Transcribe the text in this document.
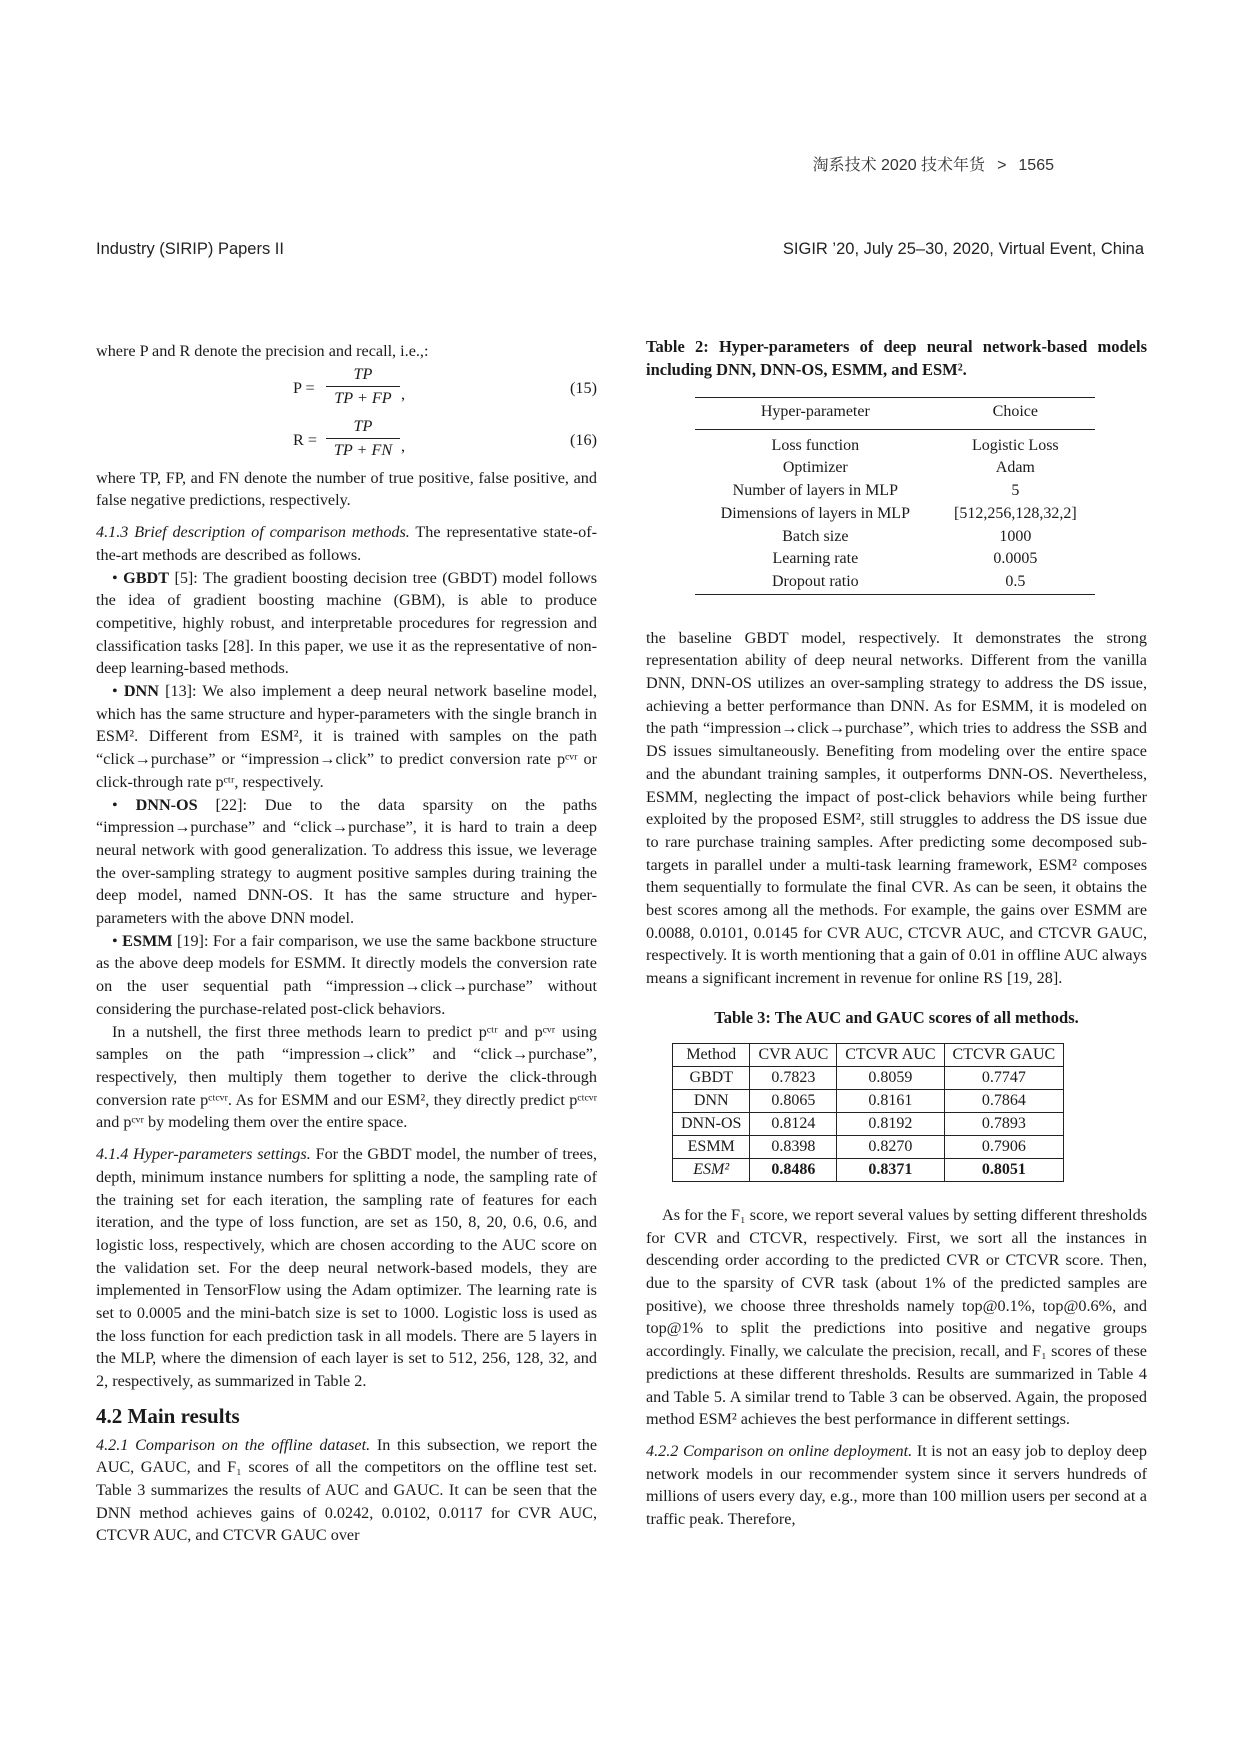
淘系技术 2020 技术年货 > 1565
Industry (SIRIP) Papers II	SIGIR ’20, July 25–30, 2020, Virtual Event, China

where P and R denote the precision and recall, i.e.,:

$P = \frac{TP}{TP + FP}$ ,	(15)
$R = \frac{TP}{TP + FN}$ ,	(16)

where TP, FP, and FN denote the number of true positive, false positive, and false negative predictions, respectively.

4.1.3 Brief description of comparison methods. The representative state-of-the-art methods are described as follows.

• GBDT [5]: The gradient boosting decision tree (GBDT) model follows the idea of gradient boosting machine (GBM), is able to produce competitive, highly robust, and interpretable procedures for regression and classification tasks [28]. In this paper, we use it as the representative of non-deep learning-based methods.

• DNN [13]: We also implement a deep neural network baseline model, which has the same structure and hyper-parameters with the single branch in ESM². Different from ESM², it is trained with samples on the path “click→purchase” or “impression→click” to predict conversion rate pᶜᵛʳ or click-through rate pᶜᵗʳ, respectively.

• DNN-OS [22]: Due to the data sparsity on the paths “impression→purchase” and “click→purchase”, it is hard to train a deep neural network with good generalization. To address this issue, we leverage the over-sampling strategy to augment positive samples during training the deep model, named DNN-OS. It has the same structure and hyper-parameters with the above DNN model.

• ESMM [19]: For a fair comparison, we use the same backbone structure as the above deep models for ESMM. It directly models the conversion rate on the user sequential path “impression→click→purchase” without considering the purchase-related post-click behaviors.

In a nutshell, the first three methods learn to predict pᶜᵗʳ and pᶜᵛʳ using samples on the path “impression→click” and “click→purchase”, respectively, then multiply them together to derive the click-through conversion rate pᶜᵗᶜᵛʳ. As for ESMM and our ESM², they directly predict pᶜᵗᶜᵛʳ and pᶜᵛʳ by modeling them over the entire space.

4.1.4 Hyper-parameters settings. For the GBDT model, the number of trees, depth, minimum instance numbers for splitting a node, the sampling rate of the training set for each iteration, the sampling rate of features for each iteration, and the type of loss function, are set as 150, 8, 20, 0.6, 0.6, and logistic loss, respectively, which are chosen according to the AUC score on the validation set. For the deep neural network-based models, they are implemented in TensorFlow using the Adam optimizer. The learning rate is set to 0.0005 and the mini-batch size is set to 1000. Logistic loss is used as the loss function for each prediction task in all models. There are 5 layers in the MLP, where the dimension of each layer is set to 512, 256, 128, 32, and 2, respectively, as summarized in Table 2.

4.2 Main results

4.2.1 Comparison on the offline dataset. In this subsection, we report the AUC, GAUC, and F₁ scores of all the competitors on the offline test set. Table 3 summarizes the results of AUC and GAUC. It can be seen that the DNN method achieves gains of 0.0242, 0.0102, 0.0117 for CVR AUC, CTCVR AUC, and CTCVR GAUC over

Table 2: Hyper-parameters of deep neural network-based models including DNN, DNN-OS, ESMM, and ESM².
Hyper-parameter	Choice
Loss function	Logistic Loss
Optimizer	Adam
Number of layers in MLP	5
Dimensions of layers in MLP	[512,256,128,32,2]
Batch size	1000
Learning rate	0.0005
Dropout ratio	0.5

the baseline GBDT model, respectively. It demonstrates the strong representation ability of deep neural networks. Different from the vanilla DNN, DNN-OS utilizes an over-sampling strategy to address the DS issue, achieving a better performance than DNN. As for ESMM, it is modeled on the path “impression→click→purchase”, which tries to address the SSB and DS issues simultaneously. Benefiting from modeling over the entire space and the abundant training samples, it outperforms DNN-OS. Nevertheless, ESMM, neglecting the impact of post-click behaviors while being further exploited by the proposed ESM², still struggles to address the DS issue due to rare purchase training samples. After predicting some decomposed sub-targets in parallel under a multi-task learning framework, ESM² composes them sequentially to formulate the final CVR. As can be seen, it obtains the best scores among all the methods. For example, the gains over ESMM are 0.0088, 0.0101, 0.0145 for CVR AUC, CTCVR AUC, and CTCVR GAUC, respectively. It is worth mentioning that a gain of 0.01 in offline AUC always means a significant increment in revenue for online RS [19, 28].

Table 3: The AUC and GAUC scores of all methods.
Method	CVR AUC	CTCVR AUC	CTCVR GAUC
GBDT	0.7823	0.8059	0.7747
DNN	0.8065	0.8161	0.7864
DNN-OS	0.8124	0.8192	0.7893
ESMM	0.8398	0.8270	0.7906
ESM²	0.8486	0.8371	0.8051

As for the F₁ score, we report several values by setting different thresholds for CVR and CTCVR, respectively. First, we sort all the instances in descending order according to the predicted CVR or CTCVR score. Then, due to the sparsity of CVR task (about 1% of the predicted samples are positive), we choose three thresholds namely top@0.1%, top@0.6%, and top@1% to split the predictions into positive and negative groups accordingly. Finally, we calculate the precision, recall, and F₁ scores of these predictions at these different thresholds. Results are summarized in Table 4 and Table 5. A similar trend to Table 3 can be observed. Again, the proposed method ESM² achieves the best performance in different settings.

4.2.2 Comparison on online deployment. It is not an easy job to deploy deep network models in our recommender system since it servers hundreds of millions of users every day, e.g., more than 100 million users per second at a traffic peak. Therefore,
